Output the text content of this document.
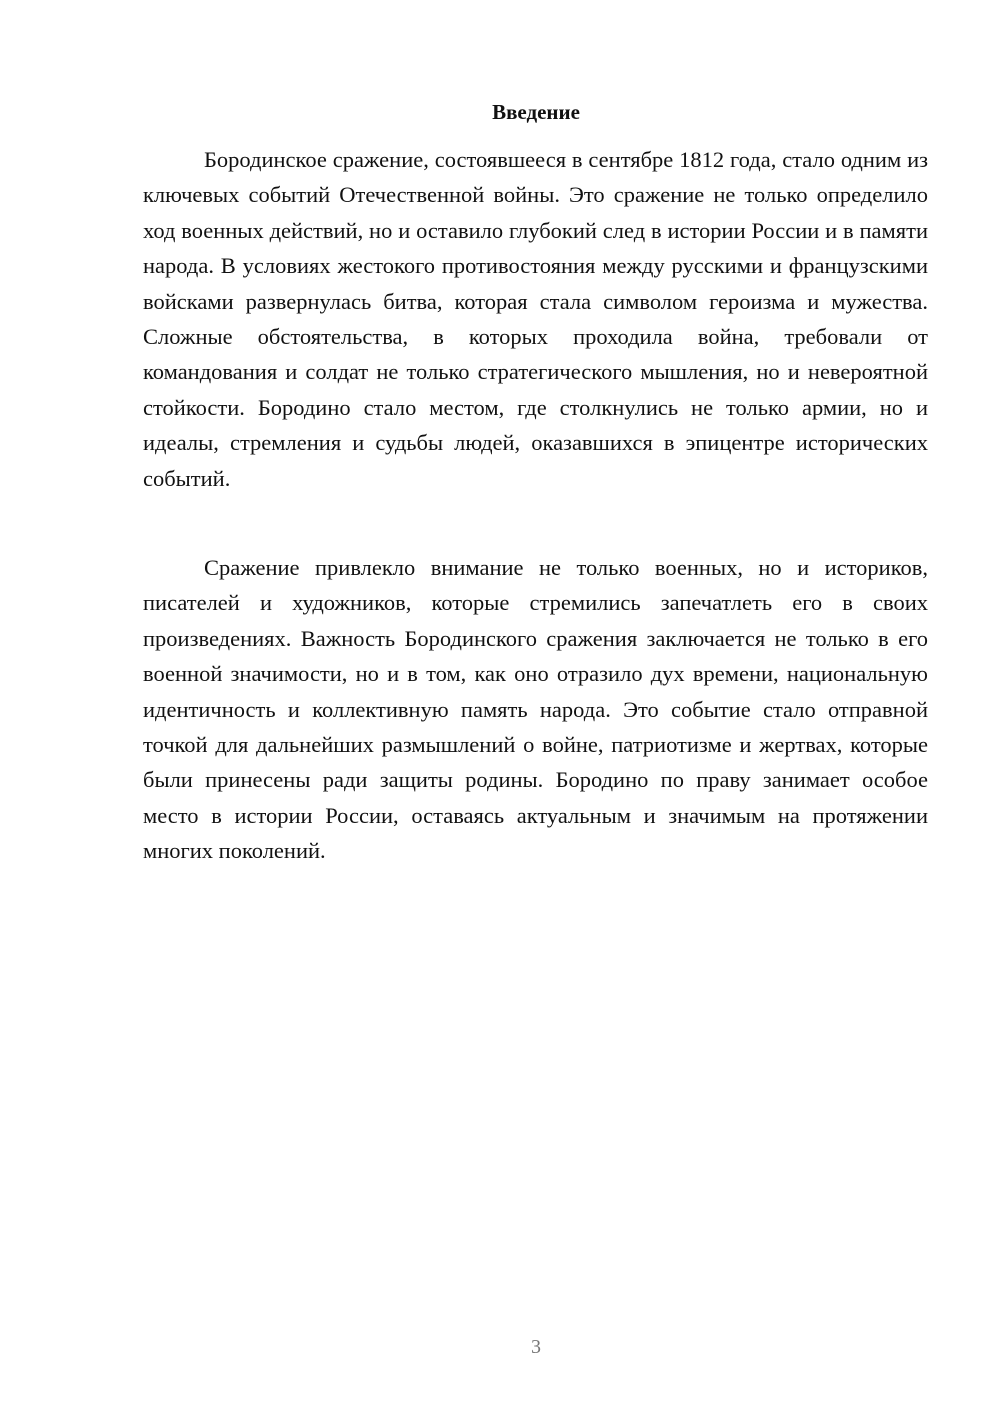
Введение

Бородинское сражение, состоявшееся в сентябре 1812 года, стало одним из ключевых событий Отечественной войны. Это сражение не только определило ход военных действий, но и оставило глубокий след в истории России и в памяти народа. В условиях жестокого противостояния между русскими и французскими войсками развернулась битва, которая стала символом героизма и мужества. Сложные обстоятельства, в которых проходила война, требовали от командования и солдат не только стратегического мышления, но и невероятной стойкости. Бородино стало местом, где столкнулись не только армии, но и идеалы, стремления и судьбы людей, оказавшихся в эпицентре исторических событий.

Сражение привлекло внимание не только военных, но и историков, писателей и художников, которые стремились запечатлеть его в своих произведениях. Важность Бородинского сражения заключается не только в его военной значимости, но и в том, как оно отразило дух времени, национальную идентичность и коллективную память народа. Это событие стало отправной точкой для дальнейших размышлений о войне, патриотизме и жертвах, которые были принесены ради защиты родины. Бородино по праву занимает особое место в истории России, оставаясь актуальным и значимым на протяжении многих поколений.

3
